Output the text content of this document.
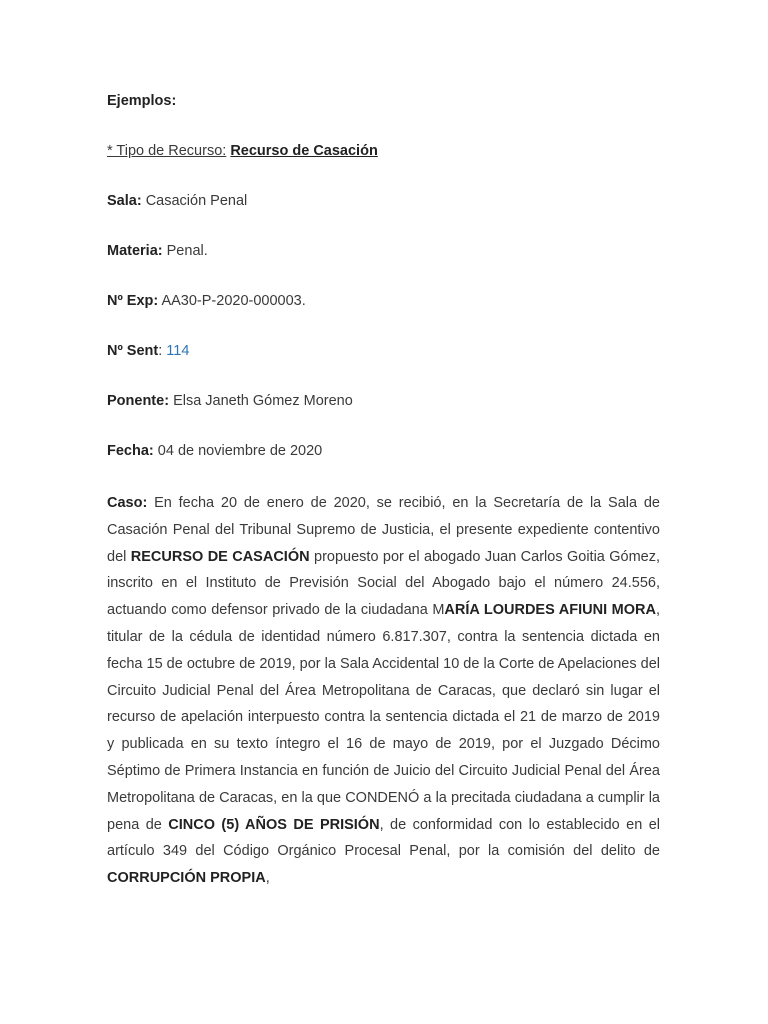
Ejemplos:

* Tipo de Recurso: Recurso de Casación

Sala: Casación Penal

Materia: Penal.

Nº Exp: AA30-P-2020-000003.

Nº Sent: 114

Ponente: Elsa Janeth Gómez Moreno

Fecha: 04 de noviembre de 2020

Caso: En fecha 20 de enero de 2020, se recibió, en la Secretaría de la Sala de Casación Penal del Tribunal Supremo de Justicia, el presente expediente contentivo del RECURSO DE CASACIÓN propuesto por el abogado Juan Carlos Goitia Gómez, inscrito en el Instituto de Previsión Social del Abogado bajo el número 24.556, actuando como defensor privado de la ciudadana MARÍA LOURDES AFIUNI MORA, titular de la cédula de identidad número 6.817.307, contra la sentencia dictada en fecha 15 de octubre de 2019, por la Sala Accidental 10 de la Corte de Apelaciones del Circuito Judicial Penal del Área Metropolitana de Caracas, que declaró sin lugar el recurso de apelación interpuesto contra la sentencia dictada el 21 de marzo de 2019 y publicada en su texto íntegro el 16 de mayo de 2019, por el Juzgado Décimo Séptimo de Primera Instancia en función de Juicio del Circuito Judicial Penal del Área Metropolitana de Caracas, en la que CONDENÓ a la precitada ciudadana a cumplir la pena de CINCO (5) AÑOS DE PRISIÓN, de conformidad con lo establecido en el artículo 349 del Código Orgánico Procesal Penal, por la comisión del delito de CORRUPCIÓN PROPIA,
